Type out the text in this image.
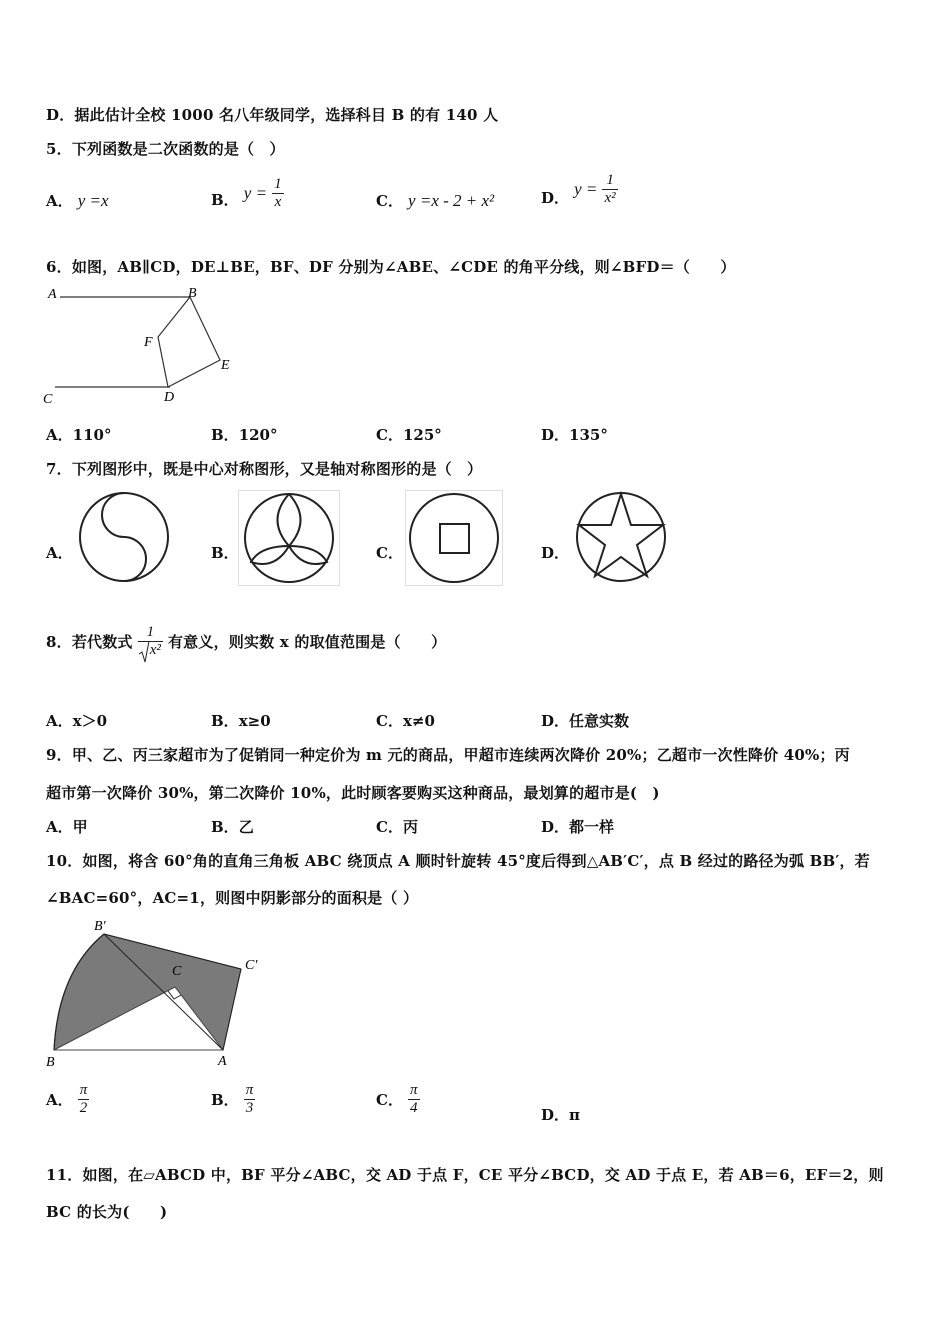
D．据此估计全校 1000 名八年级同学，选择科目 B 的有 140 人
5．下列函数是二次函数的是（　）
A． y =x	B． $y = \frac{1}{x}$	C． y =x - 2 + x²	D． $y = \frac{1}{\text{x²}}$
6．如图，AB∥CD，DE⊥BE，BF、DF 分别为∠ABE、∠CDE 的角平分线，则∠BFD＝（　　）
A	B
C	D
E
F
A．110°	B．120°	C．125°	D．135°
7．下列图形中，既是中心对称图形，又是轴对称图形的是（　）
A．	B．	C．	D．
8．若代数式 $\frac{1}{\text{x²}}$ 有意义，则实数 x 的取值范围是（　　）
A．x＞0	B．x≥0	C．x≠0	D．任意实数
9．甲、乙、丙三家超市为了促销同一种定价为 m 元的商品，甲超市连续两次降价 20%；乙超市一次性降价 40%；丙
超市第一次降价 30%，第二次降价 10%，此时顾客要购买这种商品，最划算的超市是(　)
A．甲	B．乙	C．丙	D．都一样
10．如图，将含 60°角的直角三角板 ABC 绕顶点 A 顺时针旋转 45°度后得到△AB′C′，点 B 经过的路径为弧 BB′，若
∠BAC=60°，AC=1，则图中阴影部分的面积是（ ）
B'
C	C'
B	A
A． $\frac{\pi}{2}$	B． $\frac{\pi}{3}$	C． $\frac{\pi}{4}$	D．π
11．如图，在▱ABCD 中，BF 平分∠ABC，交 AD 于点 F，CE 平分∠BCD，交 AD 于点 E，若 AB＝6，EF＝2，则
BC 的长为(　　)
